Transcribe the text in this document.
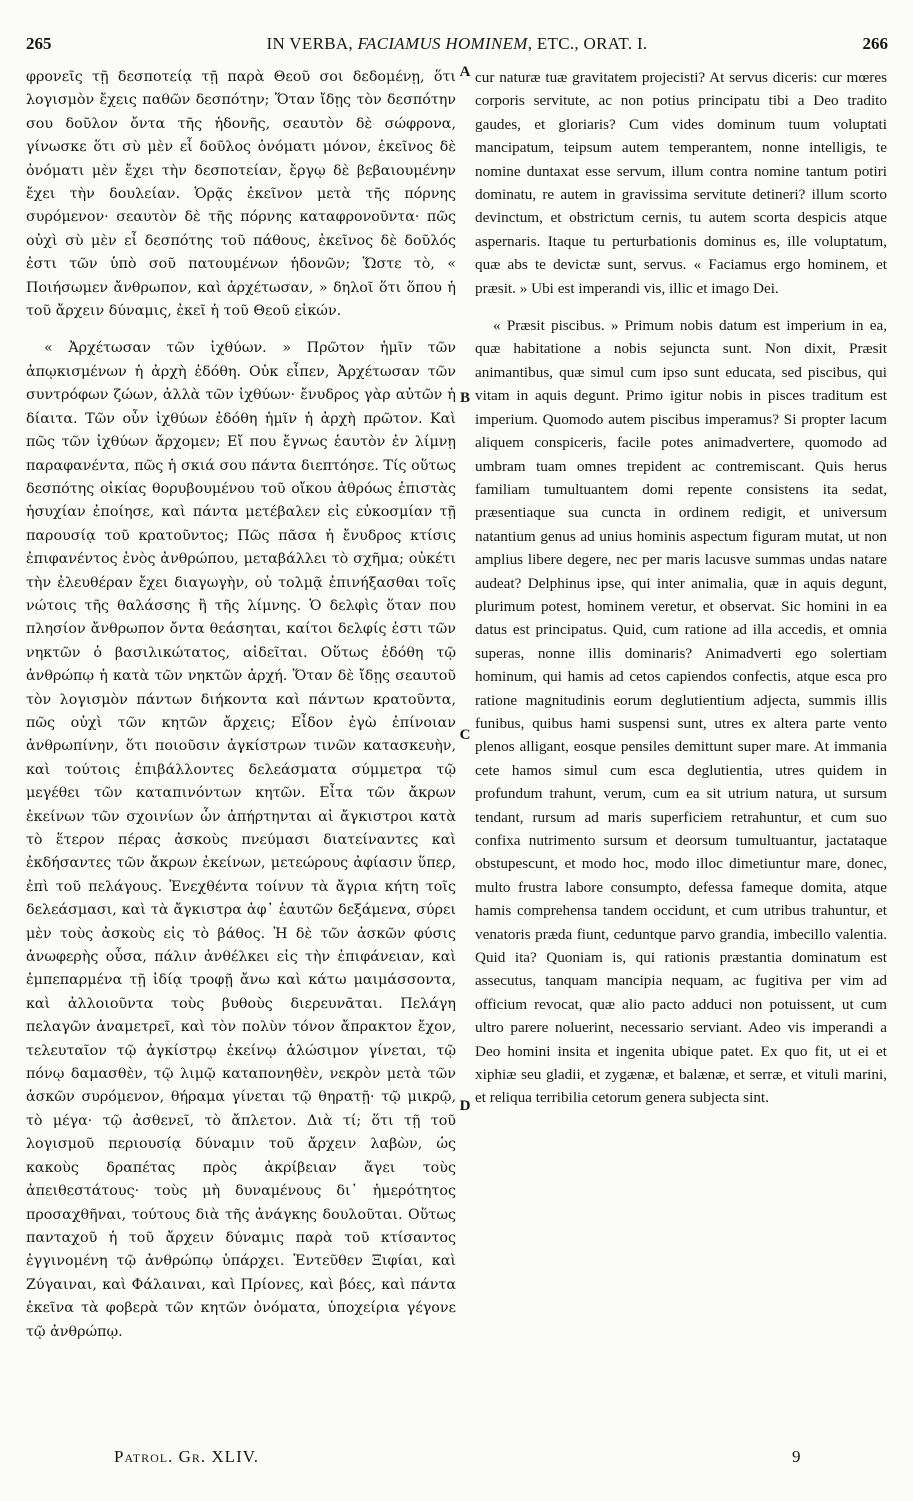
265	IN VERBA, FACIAMUS HOMINEM, ETC., ORAT. I.	266

φρονεῖς τῇ δεσποτείᾳ τῇ παρὰ Θεοῦ σοι δεδομένῃ, ὅτι λογισμὸν ἔχεις παθῶν δεσπότην; Ὅταν ἴδῃς τὸν δεσπότην σου δοῦλον ὄντα τῆς ἡδονῆς, σεαυτὸν δὲ σώφρονα, γίνωσκε ὅτι σὺ μὲν εἶ δοῦλος ὀνόματι μόνον, ἐκεῖνος δὲ ὀνόματι μὲν ἔχει τὴν δεσποτείαν, ἔργῳ δὲ βεβαιουμένην ἔχει τὴν δουλείαν. Ὁρᾷς ἐκεῖνον μετὰ τῆς πόρνης συρόμενον· σεαυτὸν δὲ τῆς πόρνης καταφρονοῦντα· πῶς οὐχὶ σὺ μὲν εἶ δεσπότης τοῦ πάθους, ἐκεῖνος δὲ δοῦλός ἐστι τῶν ὑπὸ σοῦ πατουμένων ἡδονῶν; Ὥστε τὸ, « Ποιήσωμεν ἄνθρωπον, καὶ ἀρχέτωσαν, » δηλοῖ ὅτι ὅπου ἡ τοῦ ἄρχειν δύναμις, ἐκεῖ ἡ τοῦ Θεοῦ εἰκών.

« Ἀρχέτωσαν τῶν ἰχθύων. » Πρῶτον ἡμῖν τῶν ἀπῳκισμένων ἡ ἀρχὴ ἐδόθη. Οὐκ εἶπεν, Ἀρχέτωσαν τῶν συντρόφων ζώων, ἀλλὰ τῶν ἰχθύων· ἔνυδρος γὰρ αὐτῶν ἡ δίαιτα. Τῶν οὖν ἰχθύων ἐδόθη ἡμῖν ἡ ἀρχὴ πρῶτον. Καὶ πῶς τῶν ἰχθύων ἄρχομεν; Εἴ που ἔγνως ἑαυτὸν ἐν λίμνῃ παραφανέντα, πῶς ἡ σκιά σου πάντα διεπτόησε. Τίς οὕτως δεσπότης οἰκίας θορυβουμένου τοῦ οἴκου ἀθρόως ἐπιστὰς ἡσυχίαν ἐποίησε, καὶ πάντα μετέβαλεν εἰς εὐκοσμίαν τῇ παρουσίᾳ τοῦ κρατοῦντος; Πῶς πᾶσα ἡ ἔνυδρος κτίσις ἐπιφανέντος ἑνὸς ἀνθρώπου, μεταβάλλει τὸ σχῆμα; οὐκέτι τὴν ἐλευθέραν ἔχει διαγωγὴν, οὐ τολμᾷ ἐπινήξασθαι τοῖς νώτοις τῆς θαλάσσης ἢ τῆς λίμνης. Ὁ δελφὶς ὅταν που πλησίον ἄνθρωπον ὄντα θεάσηται, καίτοι δελφίς ἐστι τῶν νηκτῶν ὁ βασιλικώτατος, αἰδεῖται. Οὕτως ἐδόθη τῷ ἀνθρώπῳ ἡ κατὰ τῶν νηκτῶν ἀρχή. Ὅταν δὲ ἴδῃς σεαυτοῦ τὸν λογισμὸν πάντων διήκοντα καὶ πάντων κρατοῦντα, πῶς οὐχὶ τῶν κητῶν ἄρχεις; Εἶδον ἐγὼ ἐπίνοιαν ἀνθρωπίνην, ὅτι ποιοῦσιν ἀγκίστρων τινῶν κατασκευὴν, καὶ τούτοις ἐπιβάλλοντες δελεάσματα σύμμετρα τῷ μεγέθει τῶν καταπινόντων κητῶν. Εἶτα τῶν ἄκρων ἐκείνων τῶν σχοινίων ὧν ἀπήρτηνται αἱ ἄγκιστροι κατὰ τὸ ἕτερον πέρας ἀσκοὺς πνεύμασι διατείναντες καὶ ἐκδήσαντες τῶν ἄκρων ἐκείνων, μετεώρους ἀφίασιν ὕπερ, ἐπὶ τοῦ πελάγους. Ἐνεχθέντα τοίνυν τὰ ἄγρια κήτη τοῖς δελεάσμασι, καὶ τὰ ἄγκιστρα ἀφ᾽ ἑαυτῶν δεξάμενα, σύρει μὲν τοὺς ἀσκοὺς εἰς τὸ βάθος. Ἡ δὲ τῶν ἀσκῶν φύσις ἀνωφερὴς οὖσα, πάλιν ἀνθέλκει εἰς τὴν ἐπιφάνειαν, καὶ ἐμπεπαρμένα τῇ ἰδίᾳ τροφῇ ἄνω καὶ κάτω μαιμάσσοντα, καὶ ἀλλοιοῦντα τοὺς βυθοὺς διερευνᾶται. Πελάγη πελαγῶν ἀναμετρεῖ, καὶ τὸν πολὺν τόνον ἄπρακτον ἔχον, τελευταῖον τῷ ἀγκίστρῳ ἐκείνῳ ἁλώσιμον γίνεται, τῷ πόνῳ δαμασθὲν, τῷ λιμῷ καταπονηθὲν, νεκρὸν μετὰ τῶν ἀσκῶν συρόμενον, θήραμα γίνεται τῷ θηρατῇ· τῷ μικρῷ, τὸ μέγα· τῷ ἀσθενεῖ, τὸ ἄπλετον. Διὰ τί; ὅτι τῇ τοῦ λογισμοῦ περιουσίᾳ δύναμιν τοῦ ἄρχειν λαβὼν, ὡς κακοὺς δραπέτας πρὸς ἀκρίβειαν ἄγει τοὺς ἀπειθεστάτους· τοὺς μὴ δυναμένους δι᾽ ἡμερότητος προσαχθῆναι, τούτους διὰ τῆς ἀνάγκης δουλοῦται. Οὕτως πανταχοῦ ἡ τοῦ ἄρχειν δύναμις παρὰ τοῦ κτίσαντος ἐγγινομένη τῷ ἀνθρώπῳ ὑπάρχει. Ἐντεῦθεν Ξιφίαι, καὶ Ζύγαιναι, καὶ Φάλαιναι, καὶ Πρίονες, καὶ βόες, καὶ πάντα ἐκεῖνα τὰ φοβερὰ τῶν κητῶν ὀνόματα, ὑποχείρια γέγονε τῷ ἀνθρώπῳ.

A
B
C
D

cur naturæ tuæ gravitatem projecisti? At servus diceris: cur mœres corporis servitute, ac non potius principatu tibi a Deo tradito gaudes, et gloriaris? Cum vides dominum tuum voluptati mancipatum, teipsum autem temperantem, nonne intelligis, te nomine duntaxat esse servum, illum contra nomine tantum potiri dominatu, re autem in gravissima servitute detineri? illum scorto devinctum, et obstrictum cernis, tu autem scorta despicis atque aspernaris. Itaque tu perturbationis dominus es, ille voluptatum, quæ abs te devictæ sunt, servus. « Faciamus ergo hominem, et præsit. » Ubi est imperandi vis, illic et imago Dei.

« Præsit piscibus. » Primum nobis datum est imperium in ea, quæ habitatione a nobis sejuncta sunt. Non dixit, Præsit animantibus, quæ simul cum ipso sunt educata, sed piscibus, qui vitam in aquis degunt. Primo igitur nobis in pisces traditum est imperium. Quomodo autem piscibus imperamus? Si propter lacum aliquem conspiceris, facile potes animadvertere, quomodo ad umbram tuam omnes trepident ac contremiscant. Quis herus familiam tumultuantem domi repente consistens ita sedat, præsentiaque sua cuncta in ordinem redigit, et universum natantium genus ad unius hominis aspectum figuram mutat, ut non amplius libere degere, nec per maris lacusve summas undas natare audeat? Delphinus ipse, qui inter animalia, quæ in aquis degunt, plurimum potest, hominem veretur, et observat. Sic homini in ea datus est principatus. Quid, cum ratione ad illa accedis, et omnia superas, nonne illis dominaris? Animadverti ego solertiam hominum, qui hamis ad cetos capiendos confectis, atque esca pro ratione magnitudinis eorum deglutientium adjecta, summis illis funibus, quibus hami suspensi sunt, utres ex altera parte vento plenos alligant, eosque pensiles demittunt super mare. At immania cete hamos simul cum esca deglutientia, utres quidem in profundum trahunt, verum, cum ea sit utrium natura, ut sursum tendant, rursum ad maris superficiem retrahuntur, et cum suo confixa nutrimento sursum et deorsum tumultuantur, jactataque obstupescunt, et modo hoc, modo illoc dimetiuntur mare, donec, multo frustra labore consumpto, defessa fameque domita, atque hamis comprehensa tandem occidunt, et cum utribus trahuntur, et venatoris præda fiunt, ceduntque parvo grandia, imbecillo valentia. Quid ita? Quoniam is, qui rationis præstantia dominatum est assecutus, tanquam mancipia nequam, ac fugitiva per vim ad officium revocat, quæ alio pacto adduci non potuissent, ut cum ultro parere noluerint, necessario serviant. Adeo vis imperandi a Deo homini insita et ingenita ubique patet. Ex quo fit, ut ei et xiphiæ seu gladii, et zygænæ, et balænæ, et serræ, et vituli marini, et reliqua terribilia cetorum genera subjecta sint.

Patrol. Gr. XLIV.	9
